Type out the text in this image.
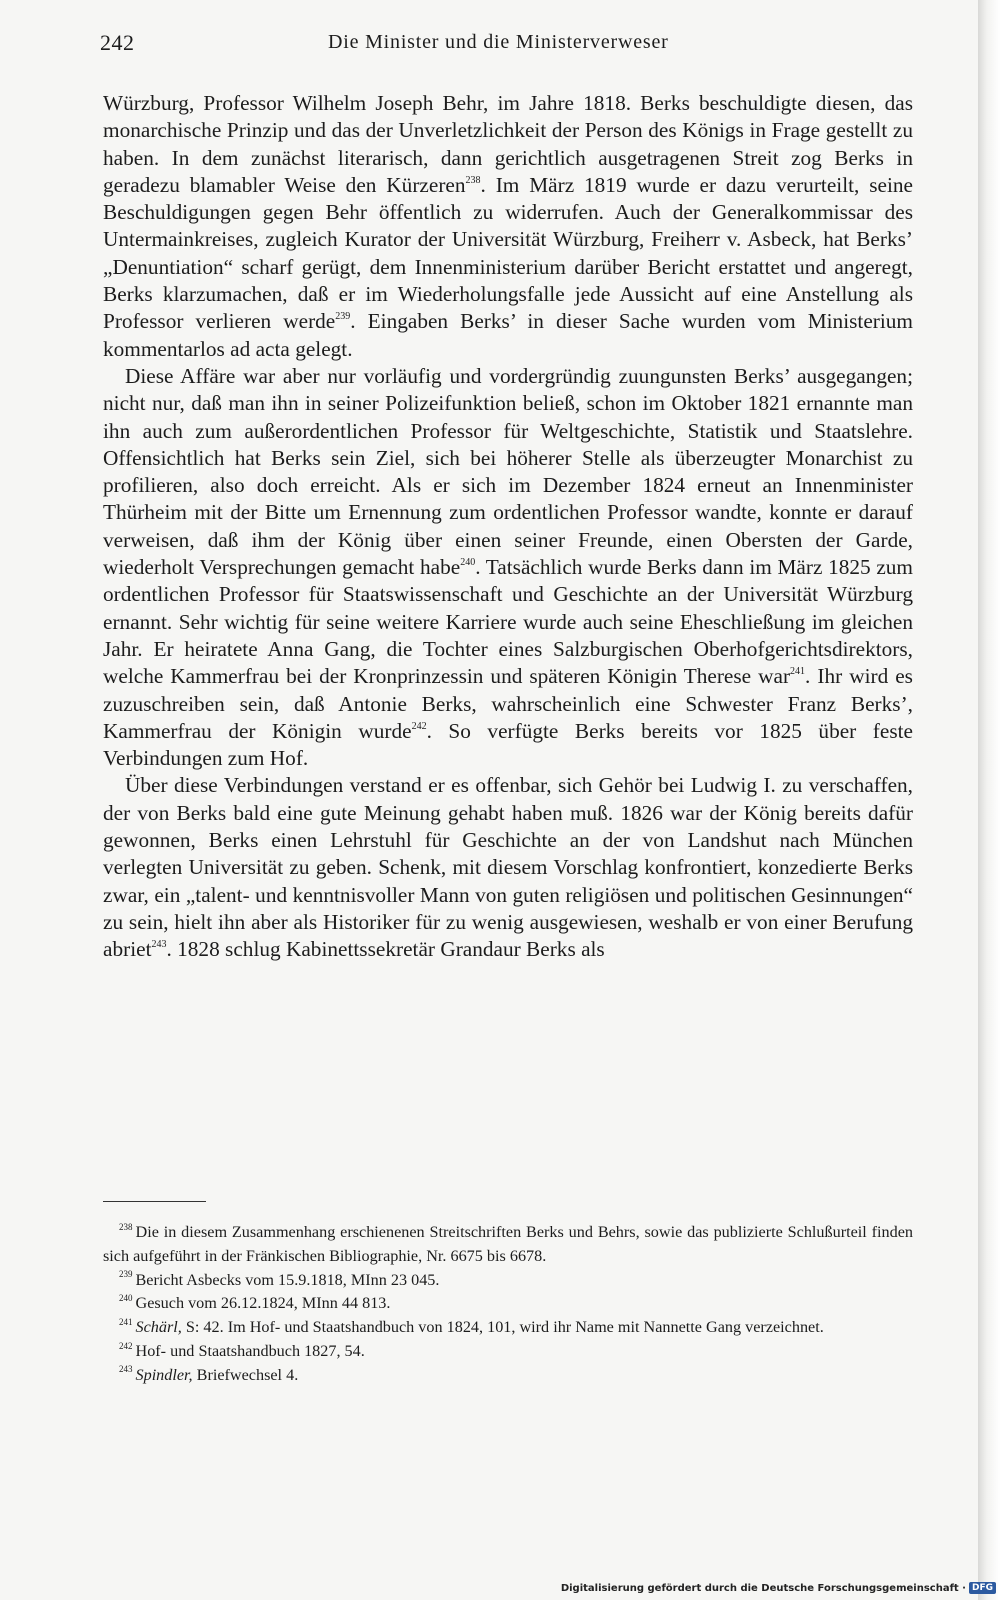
242	Die Minister und die Ministerverweser

Würzburg, Professor Wilhelm Joseph Behr, im Jahre 1818. Berks beschuldigte diesen, das monarchische Prinzip und das der Unverletzlichkeit der Person des Königs in Frage gestellt zu haben. In dem zunächst literarisch, dann gerichtlich ausgetragenen Streit zog Berks in geradezu blamabler Weise den Kürzeren$^{238}$. Im März 1819 wurde er dazu verurteilt, seine Beschuldigungen gegen Behr öffentlich zu widerrufen. Auch der Generalkommissar des Untermainkreises, zugleich Kurator der Universität Würzburg, Freiherr v. Asbeck, hat Berks’ „Denuntiation“ scharf gerügt, dem Innenministerium darüber Bericht erstattet und angeregt, Berks klarzumachen, daß er im Wiederholungsfalle jede Aussicht auf eine Anstellung als Professor verlieren werde$^{239}$. Eingaben Berks’ in dieser Sache wurden vom Ministerium kommentarlos ad acta gelegt.

Diese Affäre war aber nur vorläufig und vordergründig zuungunsten Berks’ ausgegangen; nicht nur, daß man ihn in seiner Polizeifunktion beließ, schon im Oktober 1821 ernannte man ihn auch zum außerordentlichen Professor für Weltgeschichte, Statistik und Staatslehre. Offensichtlich hat Berks sein Ziel, sich bei höherer Stelle als überzeugter Monarchist zu profilieren, also doch erreicht. Als er sich im Dezember 1824 erneut an Innenminister Thürheim mit der Bitte um Ernennung zum ordentlichen Professor wandte, konnte er darauf verweisen, daß ihm der König über einen seiner Freunde, einen Obersten der Garde, wiederholt Versprechungen gemacht habe$^{240}$. Tatsächlich wurde Berks dann im März 1825 zum ordentlichen Professor für Staatswissenschaft und Geschichte an der Universität Würzburg ernannt. Sehr wichtig für seine weitere Karriere wurde auch seine Eheschließung im gleichen Jahr. Er heiratete Anna Gang, die Tochter eines Salzburgischen Oberhofgerichtsdirektors, welche Kammerfrau bei der Kronprinzessin und späteren Königin Therese war$^{241}$. Ihr wird es zuzuschreiben sein, daß Antonie Berks, wahrscheinlich eine Schwester Franz Berks’, Kammerfrau der Königin wurde$^{242}$. So verfügte Berks bereits vor 1825 über feste Verbindungen zum Hof.

Über diese Verbindungen verstand er es offenbar, sich Gehör bei Ludwig I. zu verschaffen, der von Berks bald eine gute Meinung gehabt haben muß. 1826 war der König bereits dafür gewonnen, Berks einen Lehrstuhl für Geschichte an der von Landshut nach München verlegten Universität zu geben. Schenk, mit diesem Vorschlag konfrontiert, konzedierte Berks zwar, ein „talent- und kenntnisvoller Mann von guten religiösen und politischen Gesinnungen“ zu sein, hielt ihn aber als Historiker für zu wenig ausgewiesen, weshalb er von einer Berufung abriet$^{243}$. 1828 schlug Kabinettssekretär Grandaur Berks als

$^{238}$ Die in diesem Zusammenhang erschienenen Streitschriften Berks und Behrs, sowie das publizierte Schlußurteil finden sich aufgeführt in der Fränkischen Bibliographie, Nr. 6675 bis 6678.

$^{239}$ Bericht Asbecks vom 15.9.1818, MInn 23 045.

$^{240}$ Gesuch vom 26.12.1824, MInn 44 813.

$^{241}$ Schärl, S: 42. Im Hof- und Staatshandbuch von 1824, 101, wird ihr Name mit Nannette Gang verzeichnet.

$^{242}$ Hof- und Staatshandbuch 1827, 54.

$^{243}$ Spindler, Briefwechsel 4.

Digitalisierung gefördert durch die Deutsche Forschungsgemeinschaft · DFG
